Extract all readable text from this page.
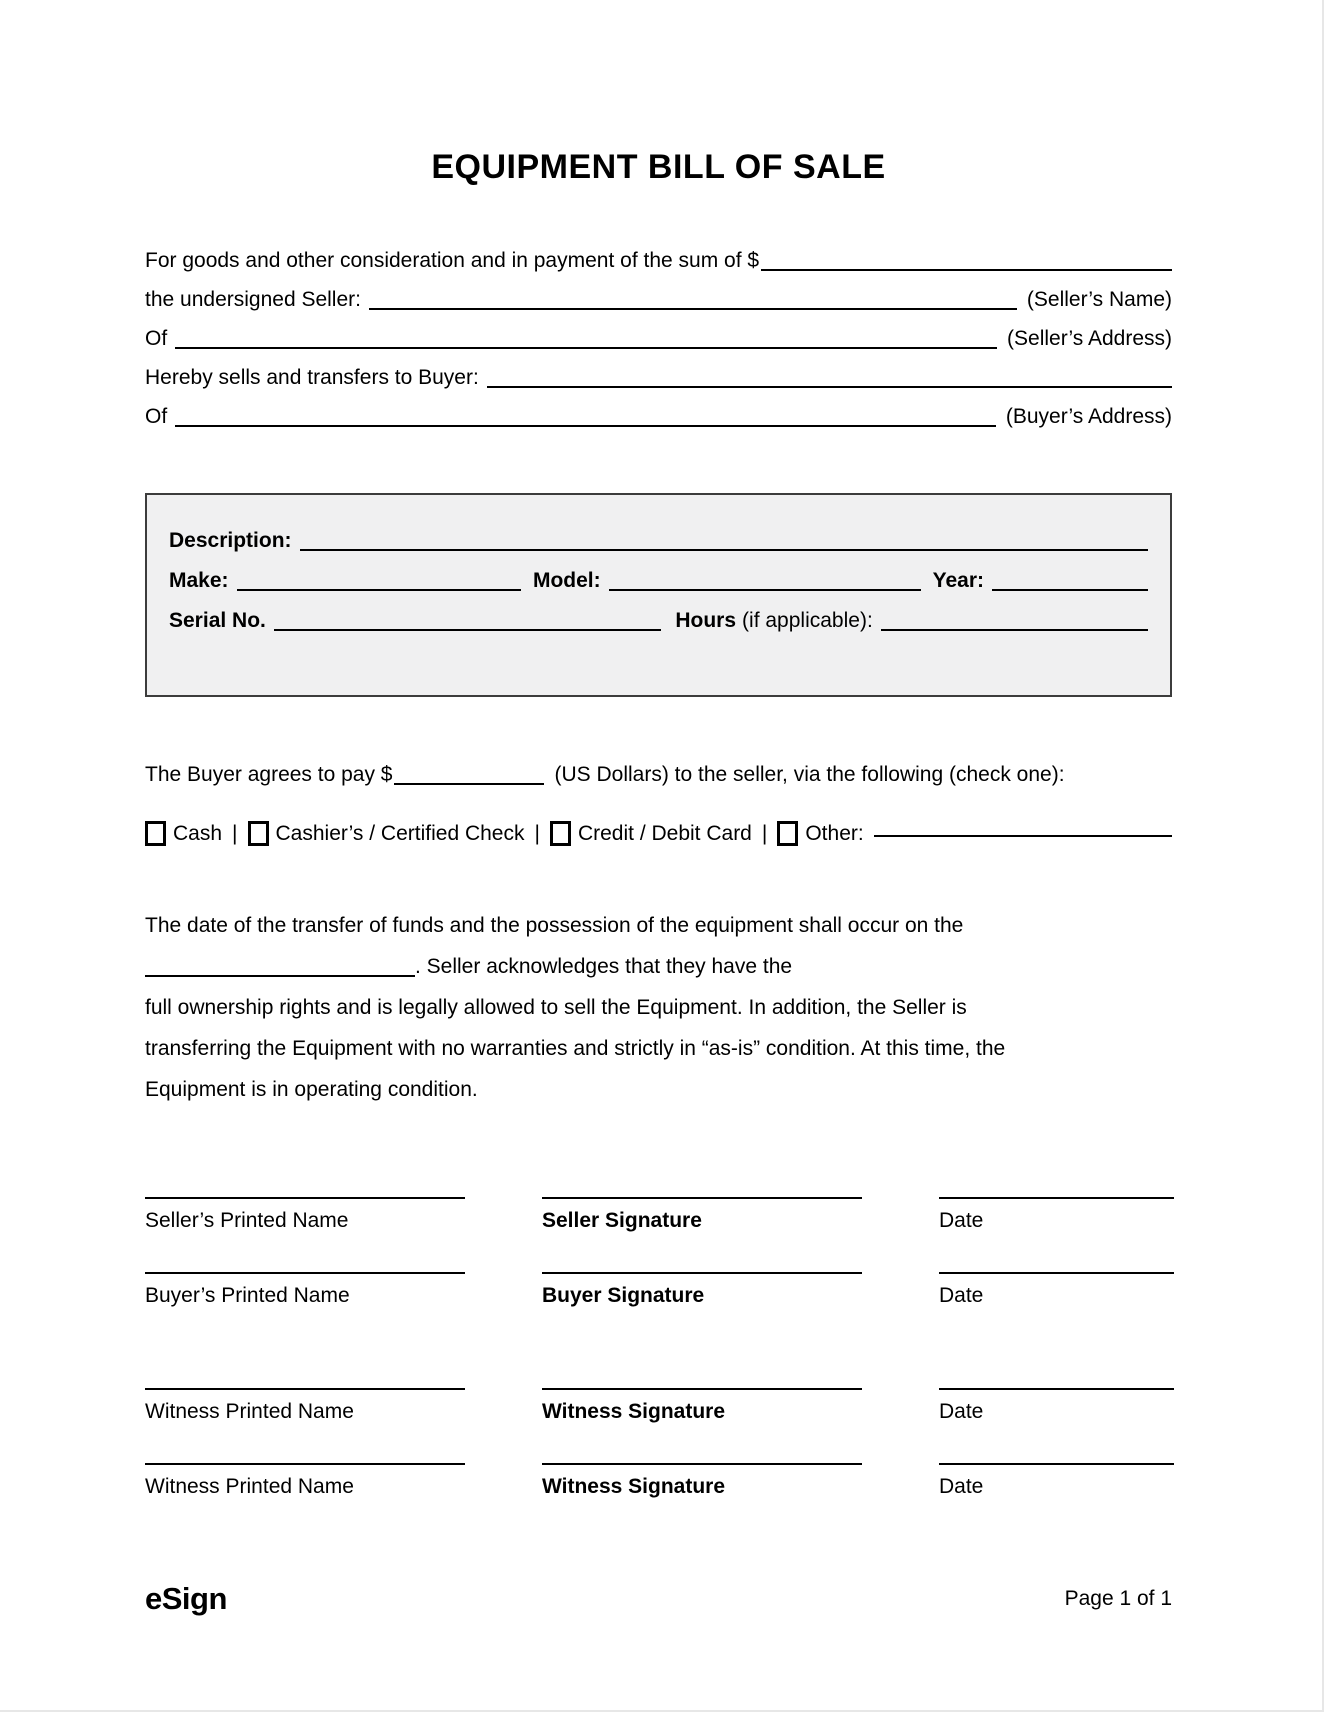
EQUIPMENT BILL OF SALE
For goods and other consideration and in payment of the sum of $
the undersigned Seller:	(Seller’s Name)
Of	(Seller’s Address)
Hereby sells and transfers to Buyer:
Of	(Buyer’s Address)
Description:
Make:	Model:	Year:
Serial No.	Hours (if applicable):
The Buyer agrees to pay $	(US Dollars) to the seller, via the following (check one):
Cash | Cashier’s / Certified Check | Credit / Debit Card | Other:
The date of the transfer of funds and the possession of the equipment shall occur on the
. Seller acknowledges that they have the
full ownership rights and is legally allowed to sell the Equipment. In addition, the Seller is
transferring the Equipment with no warranties and strictly in “as-is” condition. At this time, the
Equipment is in operating condition.
Seller’s Printed Name	Seller Signature	Date
Buyer’s Printed Name	Buyer Signature	Date
Witness Printed Name	Witness Signature	Date
Witness Printed Name	Witness Signature	Date
eSign	Page 1 of 1
